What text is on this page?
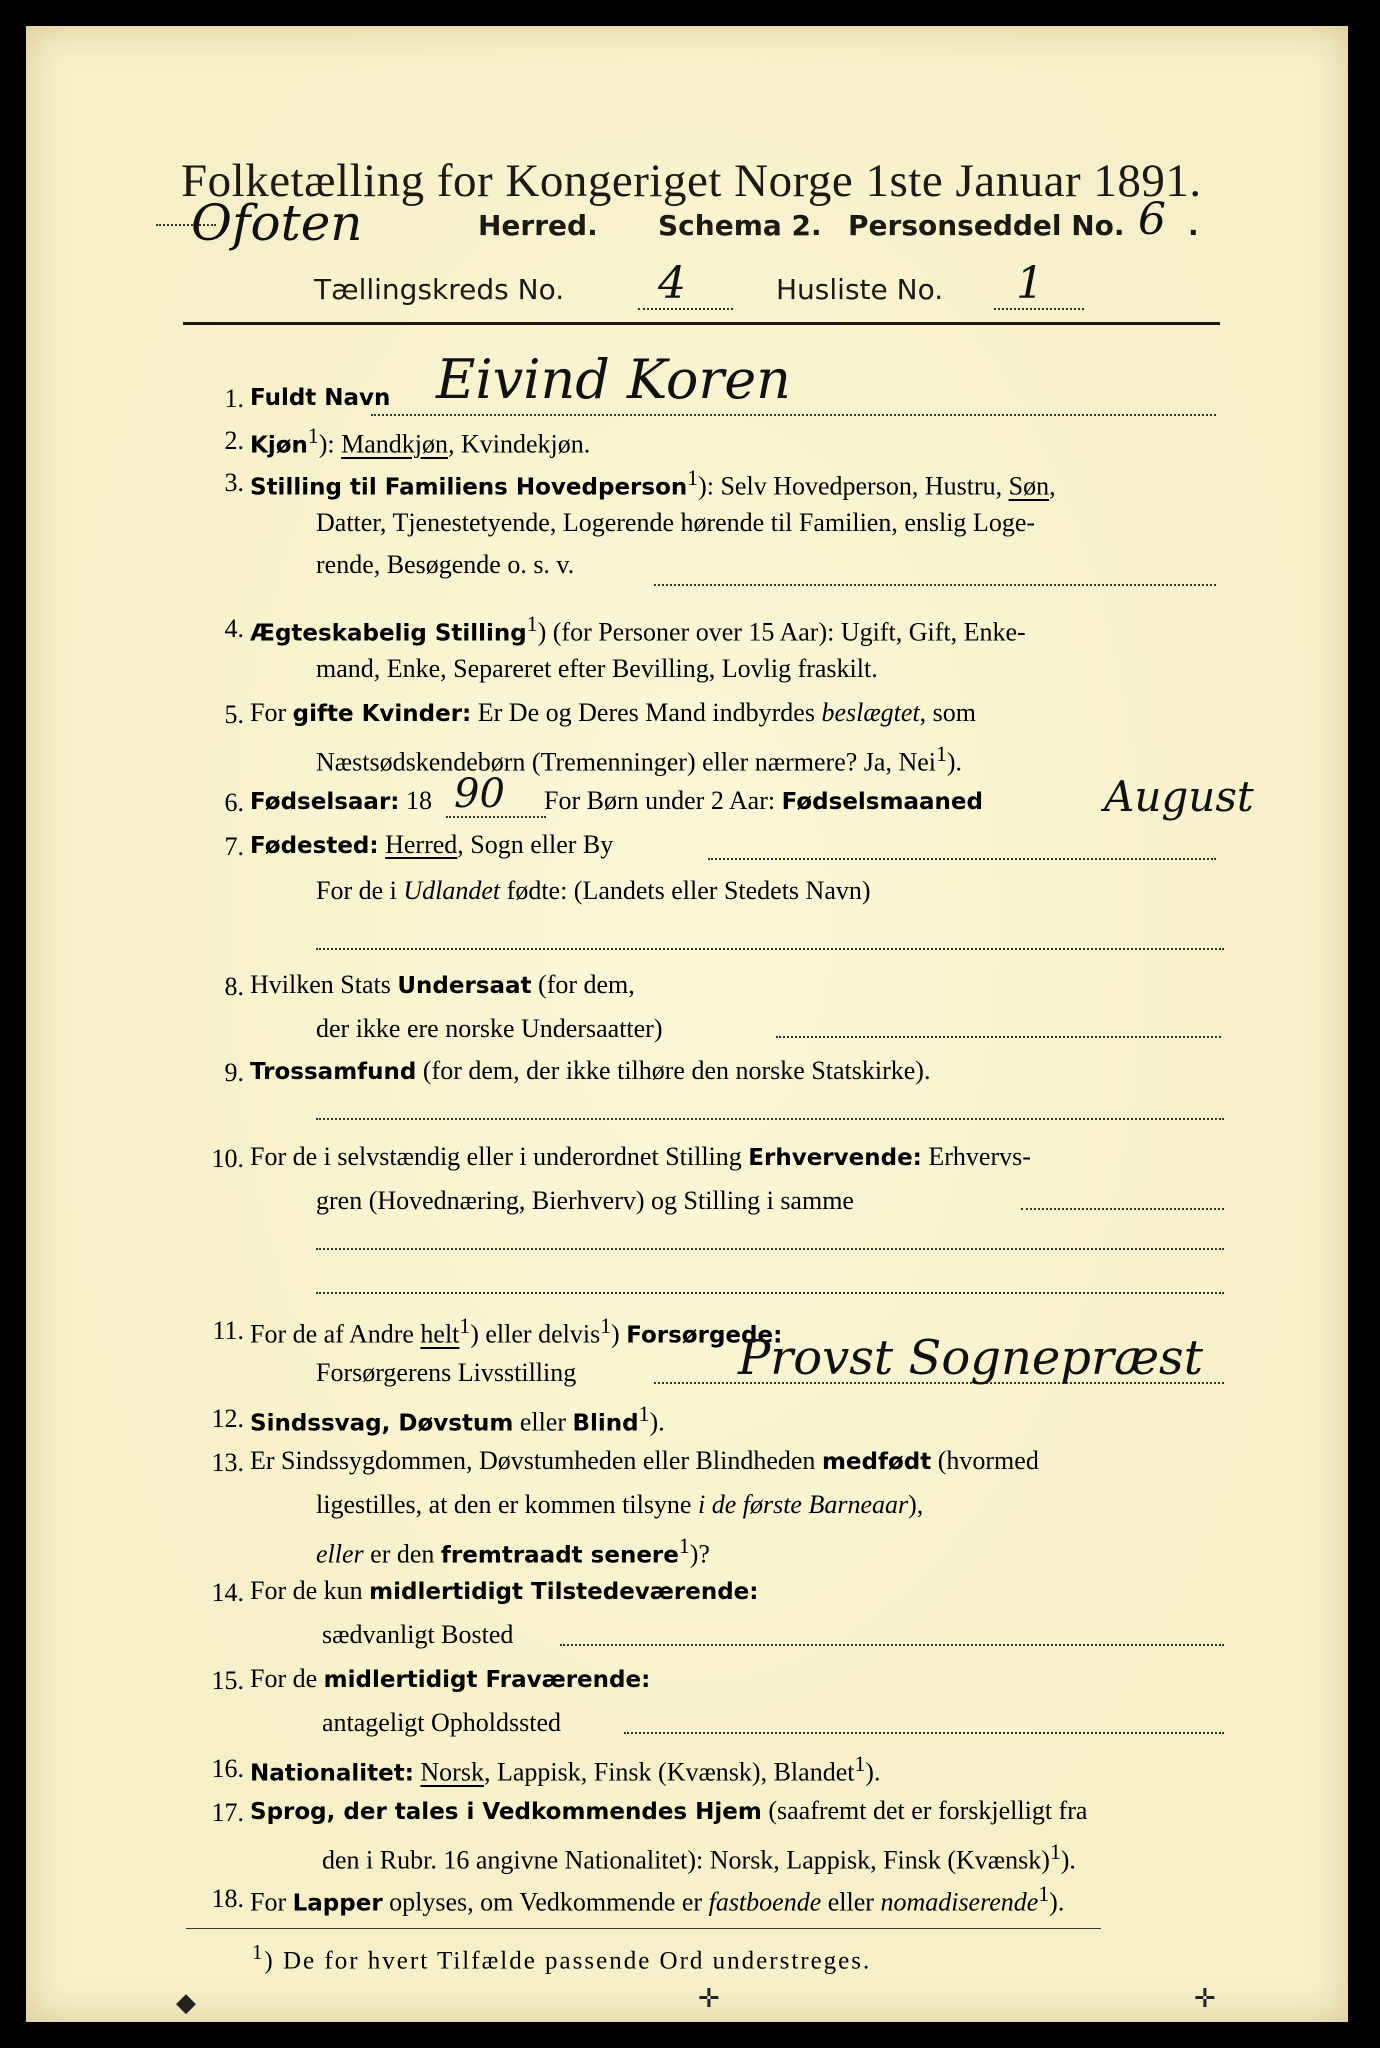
Folketælling for Kongeriget Norge 1ste Januar 1891.
Ofoten	Herred. Schema 2. Personseddel No. 6 .
Tællingskreds No. 4	Husliste No. 1
1. Fuldt Navn Eivind Koren
2. Kjøn$^1$): Mandkjøn, Kvindekjøn.
3. Stilling til Familiens Hovedperson$^1$): Selv Hovedperson, Hustru, Søn,
Datter, Tjenestetyende, Logerende hørende til Familien, enslig Loge-
rende, Besøgende o. s. v.
4. Ægteskabelig Stilling$^1$) (for Personer over 15 Aar): Ugift, Gift, Enke-
mand, Enke, Separeret efter Bevilling, Lovlig fraskilt.
5. For gifte Kvinder: Er De og Deres Mand indbyrdes beslægtet, som
Næstsødskendebørn (Tremenninger) eller nærmere? Ja, Nei$^1$).
6. Fødselsaar: 18 90 For Børn under 2 Aar: Fødselsmaaned	August
7. Fødested: Herred, Sogn eller By
For de i Udlandet fødte: (Landets eller Stedets Navn)
8. Hvilken Stats Undersaat (for dem,
der ikke ere norske Undersaatter)
9. Trossamfund (for dem, der ikke tilhøre den norske Statskirke).
10. For de i selvstændig eller i underordnet Stilling Erhvervende: Erhvervs-
gren (Hovednæring, Bierhverv) og Stilling i samme
11. For de af Andre helt$^1$) eller delvis$^1$) Forsørgede:
Forsørgerens Livsstilling	Provst Sognepræst
12. Sindssvag, Døvstum eller Blind$^1$).
13. Er Sindssygdommen, Døvstumheden eller Blindheden medfødt (hvormed
ligestilles, at den er kommen tilsyne i de første Barneaar),
eller er den fremtraadt senere$^1$)?
14. For de kun midlertidigt Tilstedeværende:
sædvanligt Bosted
15. For de midlertidigt Fraværende:
antageligt Opholdssted
16. Nationalitet: Norsk, Lappisk, Finsk (Kvænsk), Blandet$^1$).
17. Sprog, der tales i Vedkommendes Hjem (saafremt det er forskjelligt fra
den i Rubr. 16 angivne Nationalitet): Norsk, Lappisk, Finsk (Kvænsk)$^1$).
18. For Lapper oplyses, om Vedkommende er fastboende eller nomadiserende$^1$).
$^1$) De for hvert Tilfælde passende Ord understreges.
◆	✛	✛
